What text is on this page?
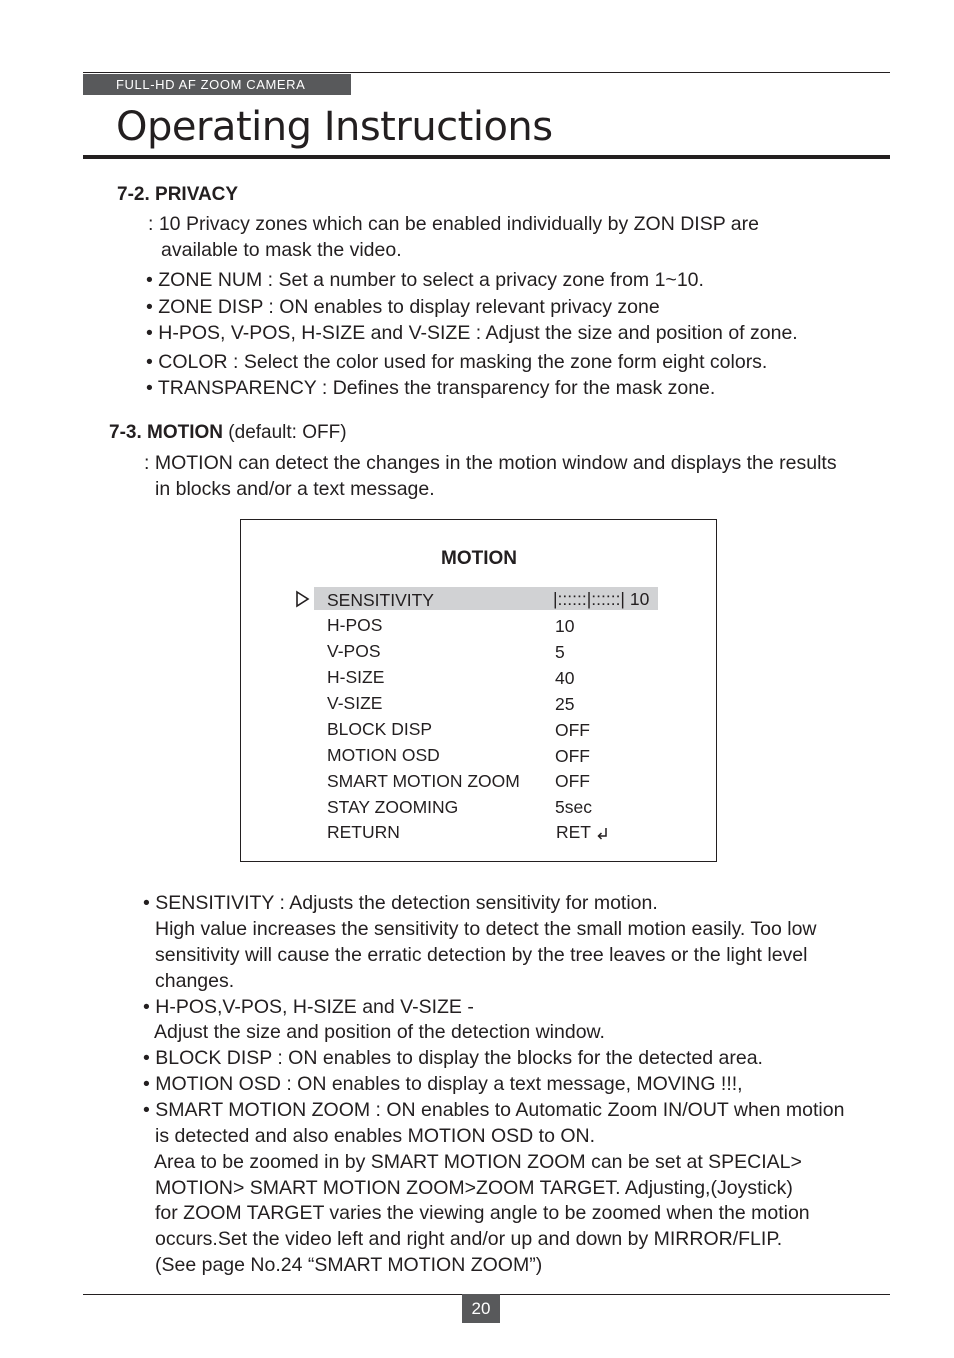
FULL-HD AF ZOOM CAMERA
Operating Instructions
7-2. PRIVACY
: 10 Privacy zones which can be enabled individually by ZON DISP are
available to mask the video.
• ZONE NUM : Set a number to select a privacy zone from 1~10.
• ZONE DISP : ON enables to display relevant privacy zone
• H-POS, V-POS, H-SIZE and V-SIZE : Adjust the size and position of zone.
• COLOR : Select the color used for masking the zone form eight colors.
• TRANSPARENCY : Defines the transparency for the mask zone.
7-3. MOTION (default: OFF)
: MOTION can detect the changes in the motion window and displays the results
in blocks and/or a text message.
MOTION
SENSITIVITY	|::::::|::::::| 10
H-POS	10
V-POS	5
H-SIZE	40
V-SIZE	25
BLOCK DISP	OFF
MOTION OSD	OFF
SMART MOTION ZOOM OFF
STAY ZOOMING	5sec
RETURN	RET
• SENSITIVITY : Adjusts the detection sensitivity for motion.
High value increases the sensitivity to detect the small motion easily. Too low
sensitivity will cause the erratic detection by the tree leaves or the light level
changes.
• H-POS,V-POS, H-SIZE and V-SIZE -
Adjust the size and position of the detection window.
• BLOCK DISP : ON enables to display the blocks for the detected area.
• MOTION OSD : ON enables to display a text message, MOVING !!!,
• SMART MOTION ZOOM : ON enables to Automatic Zoom IN/OUT when motion
is detected and also enables MOTION OSD to ON.
Area to be zoomed in by SMART MOTION ZOOM can be set at SPECIAL>
MOTION> SMART MOTION ZOOM>ZOOM TARGET. Adjusting,(Joystick)
for ZOOM TARGET varies the viewing angle to be zoomed when the motion
occurs.Set the video left and right and/or up and down by MIRROR/FLIP.
(See page No.24 “SMART MOTION ZOOM”)
20
